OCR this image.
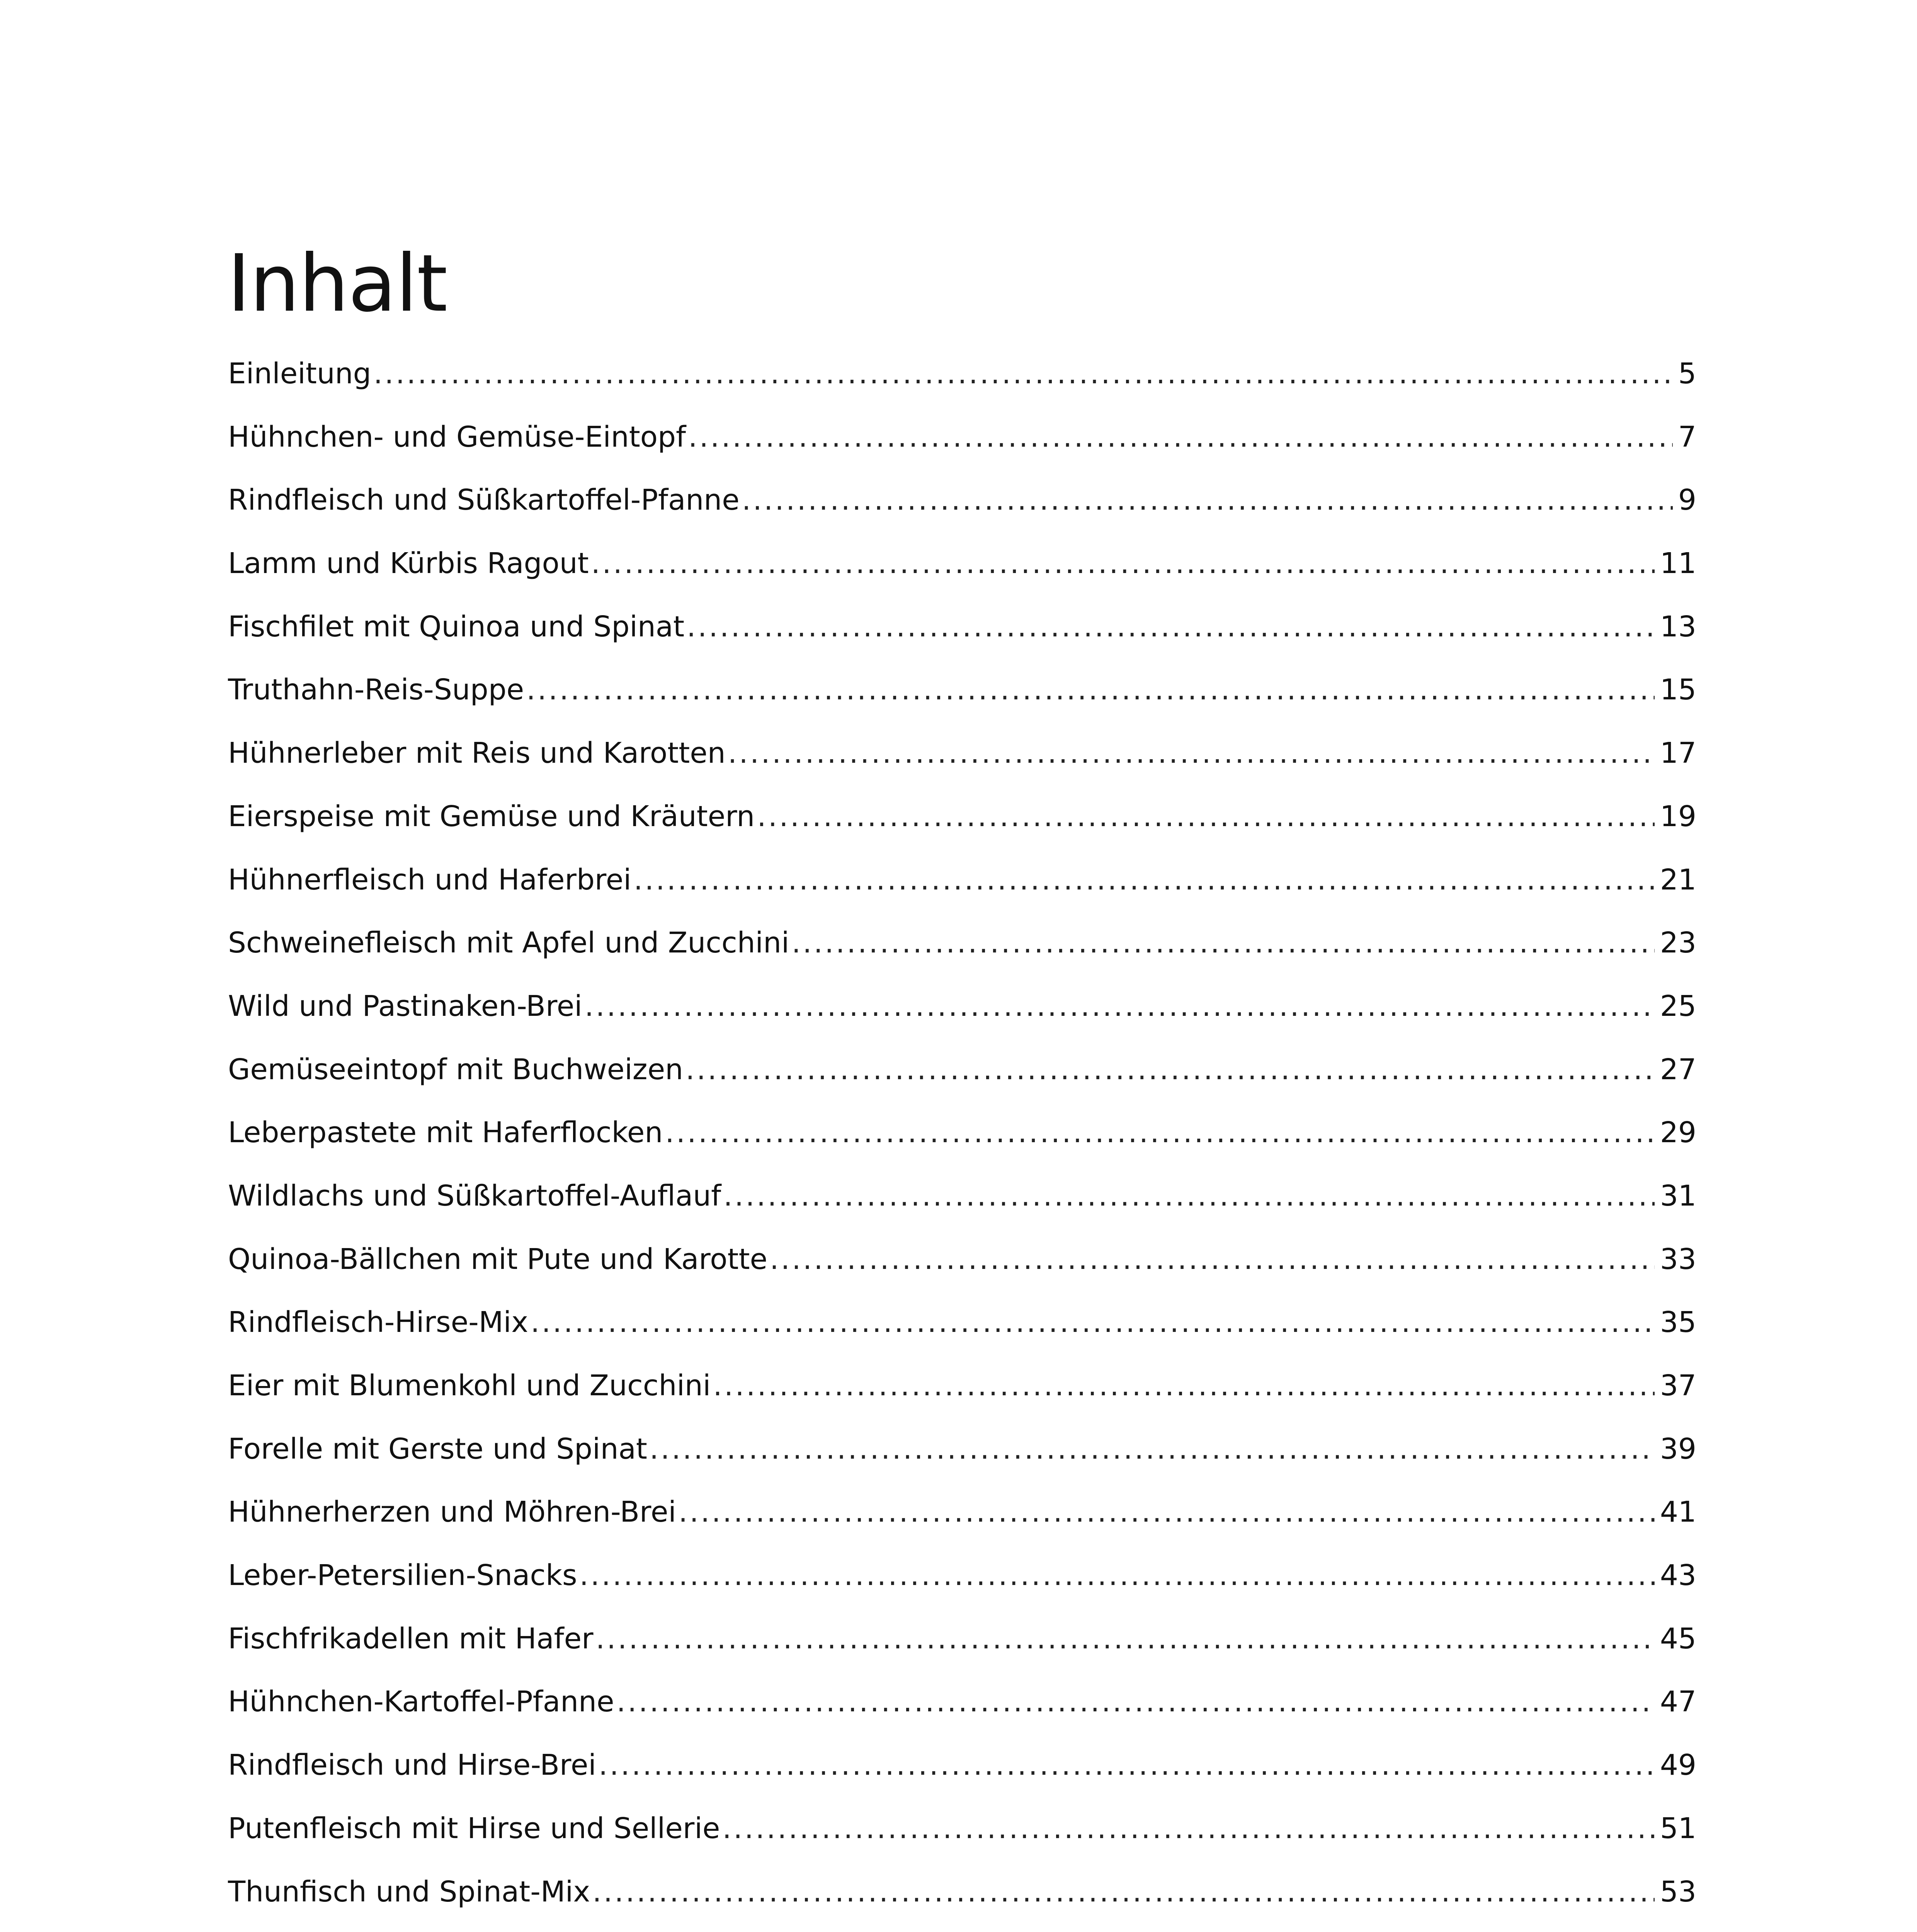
Inhalt
Einleitung .....	5
Hühnchen- und Gemüse-Eintopf .....	7
Rindfleisch und Süßkartoffel-Pfanne .....	9
Lamm und Kürbis Ragout .....	11
Fischfilet mit Quinoa und Spinat .....	13
Truthahn-Reis-Suppe .....	15
Hühnerleber mit Reis und Karotten .....	17
Eierspeise mit Gemüse und Kräutern .....	19
Hühnerfleisch und Haferbrei .....	21
Schweinefleisch mit Apfel und Zucchini .....	23
Wild und Pastinaken-Brei .....	25
Gemüseeintopf mit Buchweizen .....	27
Leberpastete mit Haferflocken .....	29
Wildlachs und Süßkartoffel-Auflauf .....	31
Quinoa-Bällchen mit Pute und Karotte .....	33
Rindfleisch-Hirse-Mix .....	35
Eier mit Blumenkohl und Zucchini .....	37
Forelle mit Gerste und Spinat .....	39
Hühnerherzen und Möhren-Brei .....	41
Leber-Petersilien-Snacks .....	43
Fischfrikadellen mit Hafer .....	45
Hühnchen-Kartoffel-Pfanne .....	47
Rindfleisch und Hirse-Brei .....	49
Putenfleisch mit Hirse und Sellerie .....	51
Thunfisch und Spinat-Mix .....	53
.....
